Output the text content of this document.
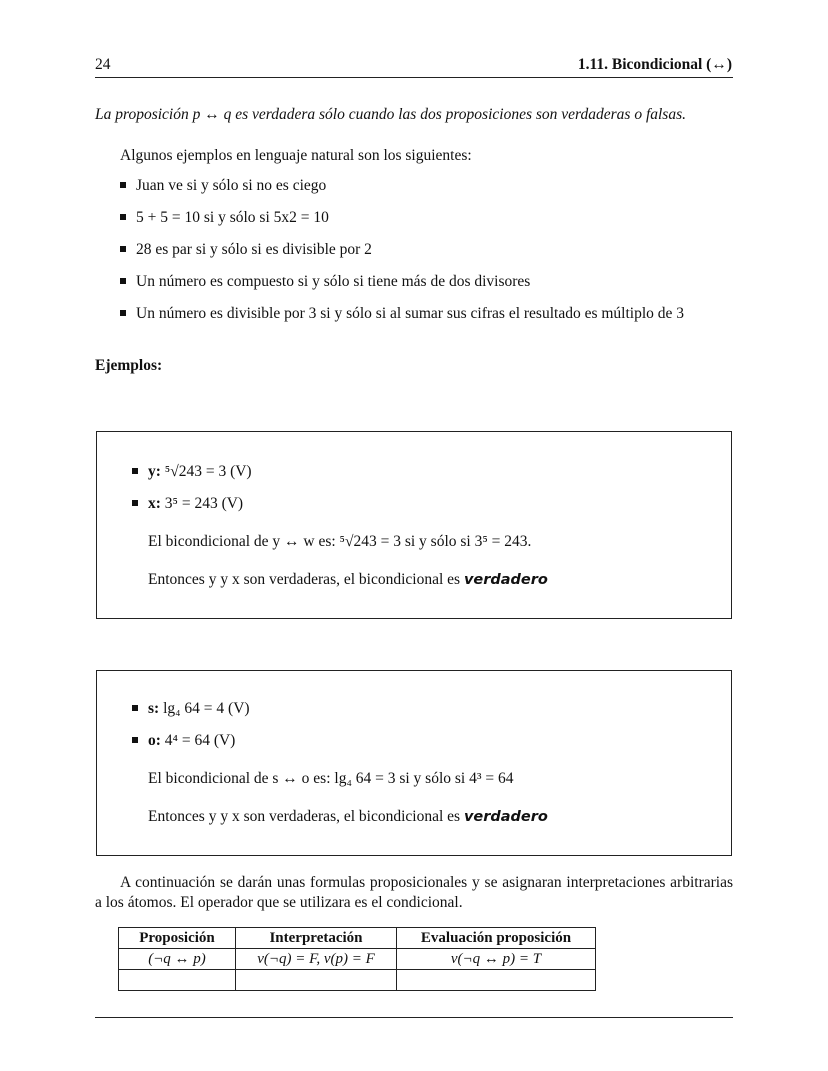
24	1.11. Bicondicional (↔)
La proposición p ↔ q es verdadera sólo cuando las dos proposiciones son verdaderas o falsas.
Algunos ejemplos en lenguaje natural son los siguientes:
Juan ve si y sólo si no es ciego
5 + 5 = 10 si y sólo si 5x2 = 10
28 es par si y sólo si es divisible por 2
Un número es compuesto si y sólo si tiene más de dos divisores
Un número es divisible por 3 si y sólo si al sumar sus cifras el resultado es múltiplo de 3
Ejemplos:
y: ⁵√243 = 3 (V)
x: 3⁵ = 243 (V)

El bicondicional de y ↔ w es: ⁵√243 = 3 si y sólo si 3⁵ = 243.

Entonces y y x son verdaderas, el bicondicional es verdadero

s: lg₄ 64 = 4 (V)
o: 4⁴ = 64 (V)

El bicondicional de s ↔ o es: lg₄ 64 = 3 si y sólo si 4³ = 64

Entonces y y x son verdaderas, el bicondicional es verdadero

A continuación se darán unas formulas proposicionales y se asignaran interpretaciones arbitrarias a los átomos. El operador que se utilizara es el condicional.
Proposición	Interpretación	Evaluación proposición
(¬q ↔ p)	v(¬q) = F, v(p) = F	v(¬q ↔ p) = T
